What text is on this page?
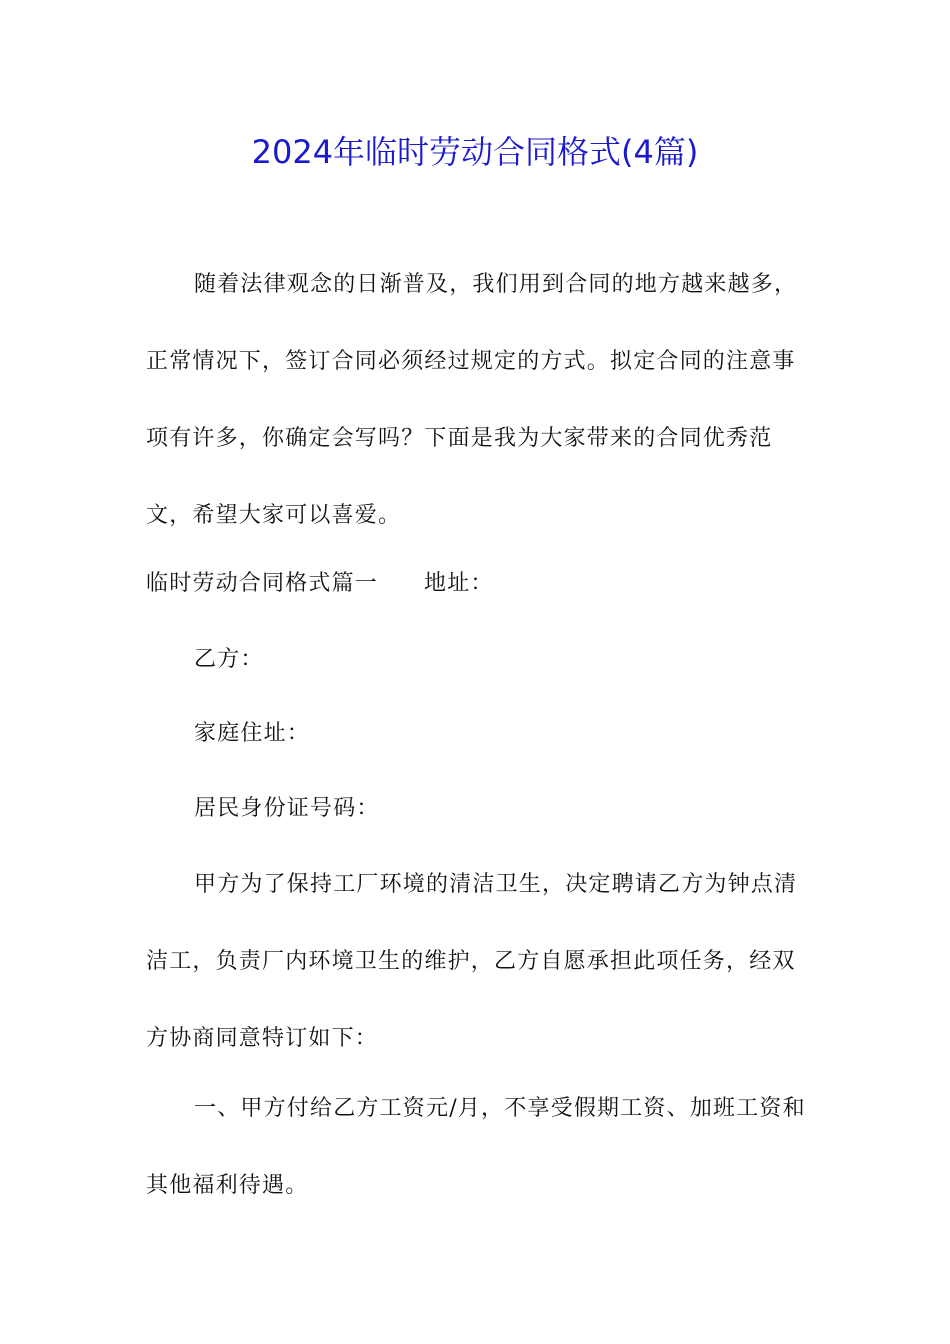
2024年临时劳动合同格式(4篇)

随着法律观念的日渐普及，我们用到合同的地方越来越多，正常情况下，签订合同必须经过规定的方式。拟定合同的注意事项有许多，你确定会写吗？下面是我为大家带来的合同优秀范文，希望大家可以喜爱。

临时劳动合同格式篇一 地址：
乙方：
家庭住址：
居民身份证号码：

甲方为了保持工厂环境的清洁卫生，决定聘请乙方为钟点清洁工，负责厂内环境卫生的维护，乙方自愿承担此项任务，经双方协商同意特订如下：

一、甲方付给乙方工资元/月，不享受假期工资、加班工资和其他福利待遇。
